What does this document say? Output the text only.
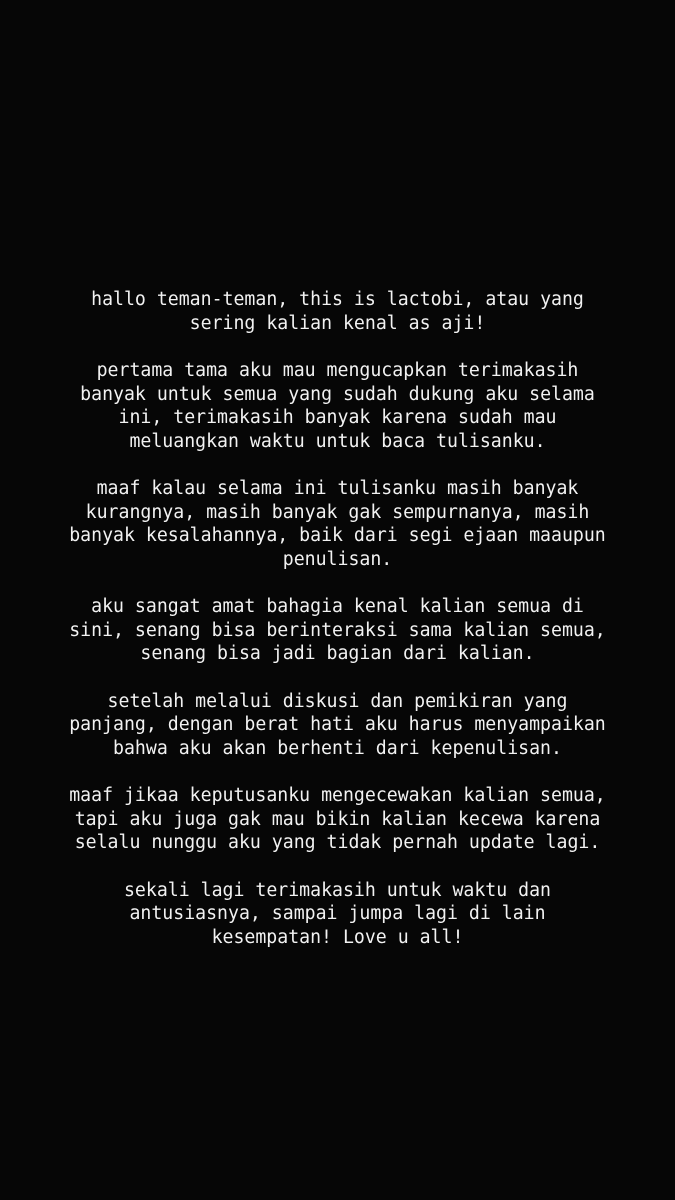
hallo teman-teman, this is lactobi, atau yang
sering kalian kenal as aji!

pertama tama aku mau mengucapkan terimakasih
banyak untuk semua yang sudah dukung aku selama
ini, terimakasih banyak karena sudah mau
meluangkan waktu untuk baca tulisanku.

maaf kalau selama ini tulisanku masih banyak
kurangnya, masih banyak gak sempurnanya, masih
banyak kesalahannya, baik dari segi ejaan maaupun
penulisan.

aku sangat amat bahagia kenal kalian semua di
sini, senang bisa berinteraksi sama kalian semua,
senang bisa jadi bagian dari kalian.

setelah melalui diskusi dan pemikiran yang
panjang, dengan berat hati aku harus menyampaikan
bahwa aku akan berhenti dari kepenulisan.

maaf jikaa keputusanku mengecewakan kalian semua,
tapi aku juga gak mau bikin kalian kecewa karena
selalu nunggu aku yang tidak pernah update lagi.

sekali lagi terimakasih untuk waktu dan
antusiasnya, sampai jumpa lagi di lain
kesempatan! Love u all!
